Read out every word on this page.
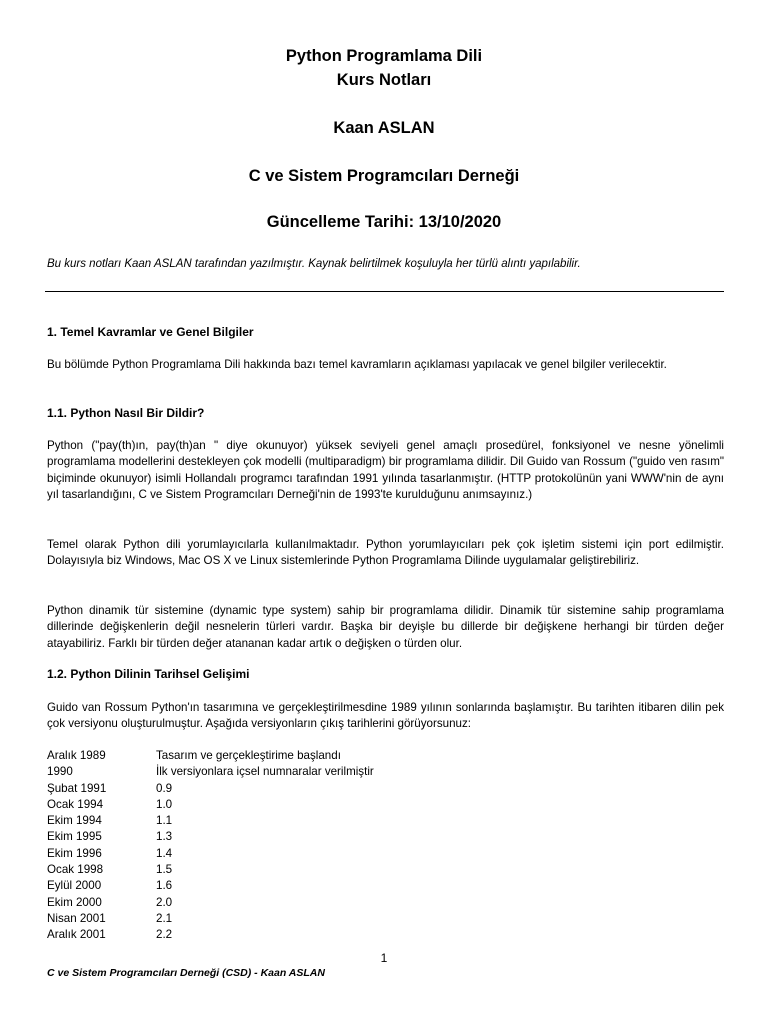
Python Programlama Dili
Kurs Notları
Kaan ASLAN
C ve Sistem Programcıları Derneği
Güncelleme Tarihi: 13/10/2020
Bu kurs notları Kaan ASLAN tarafından yazılmıştır. Kaynak belirtilmek koşuluyla her türlü alıntı yapılabilir.
1. Temel Kavramlar ve Genel Bilgiler
Bu bölümde Python Programlama Dili hakkında bazı temel kavramların açıklaması yapılacak ve genel bilgiler verilecektir.
1.1. Python Nasıl Bir Dildir?
Python ("pay(th)ın, pay(th)an " diye okunuyor) yüksek seviyeli genel amaçlı prosedürel, fonksiyonel ve nesne yönelimli programlama modellerini destekleyen çok modelli (multiparadigm) bir programlama dilidir. Dil Guido van Rossum ("guido ven rasım" biçiminde okunuyor) isimli Hollandalı programcı tarafından 1991 yılında tasarlanmıştır. (HTTP protokolünün yani WWW'nin de aynı yıl tasarlandığını, C ve Sistem Programcıları Derneği'nin de 1993'te kurulduğunu anımsayınız.)
Temel olarak Python dili yorumlayıcılarla kullanılmaktadır. Python yorumlayıcıları pek çok işletim sistemi için port edilmiştir. Dolayısıyla biz Windows, Mac OS X ve Linux sistemlerinde Python Programlama Dilinde uygulamalar geliştirebiliriz.
Python dinamik tür sistemine (dynamic type system) sahip bir programlama dilidir. Dinamik tür sistemine sahip programlama dillerinde değişkenlerin değil nesnelerin türleri vardır. Başka bir deyişle bu dillerde bir değişkene herhangi bir türden değer atayabiliriz. Farklı bir türden değer atananan kadar artık o değişken o türden olur.
1.2. Python Dilinin Tarihsel Gelişimi
Guido van Rossum Python'ın tasarımına ve gerçekleştirilmesdine 1989 yılının sonlarında başlamıştır. Bu tarihten itibaren dilin pek çok versiyonu oluşturulmuştur. Aşağıda versiyonların çıkış tarihlerini görüyorsunuz:
Aralık 1989	Tasarım ve gerçekleştirime başlandı
1990	İlk versiyonlara içsel numnaralar verilmiştir
Şubat 1991	0.9
Ocak 1994	1.0
Ekim 1994	1.1
Ekim 1995	1.3
Ekim 1996	1.4
Ocak 1998	1.5
Eylül 2000	1.6
Ekim 2000	2.0
Nisan 2001	2.1
Aralık 2001	2.2
1
C ve Sistem Programcıları Derneği (CSD) - Kaan ASLAN
